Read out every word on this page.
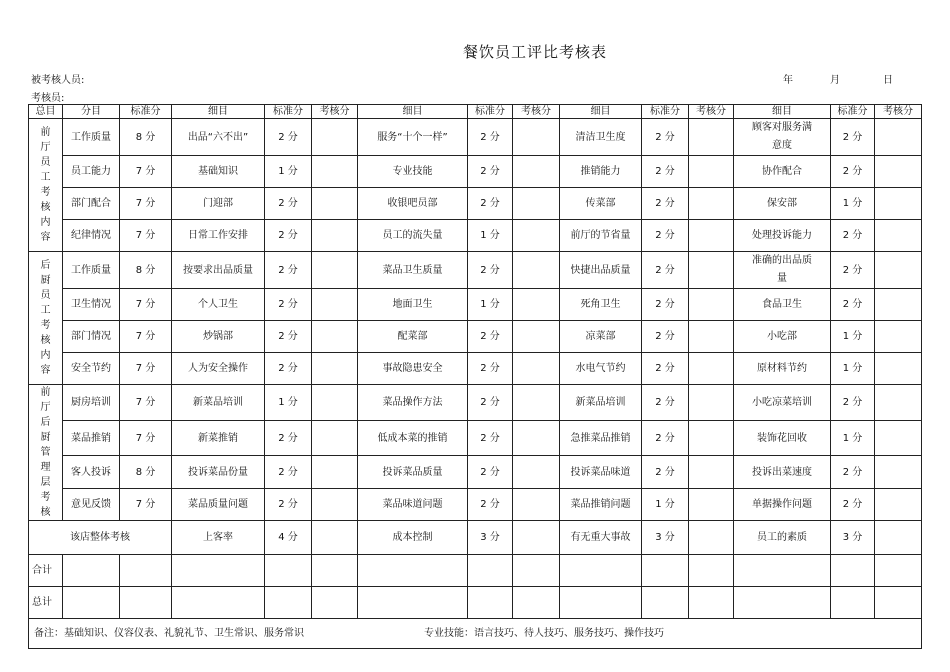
餐饮员工评比考核表
被考核人员:
考核员:
年	月	日
总目	分目	标准分	细目	标准分	考核分	细目	标准分	考核分	细目	标准分	考核分	细目	标准分	考核分

前厅员工考核内容	工作质量	8 分	出品“六不出”	2 分		服务“十个一样”	2 分		清洁卫生度	2 分		顾客对服务满意度	2 分	
	员工能力	7 分	基础知识	1 分		专业技能	2 分		推销能力	2 分		协作配合	2 分	
	部门配合	7 分	门迎部	2 分		收银吧员部	2 分		传菜部	2 分		保安部	1 分	
	纪律情况	7 分	日常工作安排	2 分		员工的流失量	1 分		前厅的节省量	2 分		处理投诉能力	2 分	

后厨员工考核内容	工作质量	8 分	按要求出品质量	2 分		菜品卫生质量	2 分		快捷出品质量	2 分		准确的出品质量	2 分	
	卫生情况	7 分	个人卫生	2 分		地面卫生	1 分		死角卫生	2 分		食品卫生	2 分	
	部门情况	7 分	炒锅部	2 分		配菜部	2 分		凉菜部	2 分		小吃部	1 分	
	安全节约	7 分	人为安全操作	2 分		事故隐患安全	2 分		水电气节约	2 分		原材料节约	1 分	

前厅后厨管理层考核	厨房培训	7 分	新菜品培训	1 分		菜品操作方法	2 分		新菜品培训	2 分		小吃凉菜培训	2 分	
	菜品推销	7 分	新菜推销	2 分		低成本菜的推销	2 分		急推菜品推销	2 分		装饰花回收	1 分	
	客人投诉	8 分	投诉菜品份量	2 分		投诉菜品质量	2 分		投诉菜品味道	2 分		投诉出菜速度	2 分	
	意见反馈	7 分	菜品质量问题	2 分		菜品味道问题	2 分		菜品推销问题	1 分		单据操作问题	2 分	
该店整体考核			上客率	4 分		成本控制	3 分		有无重大事故	3 分		员工的素质	3 分	
合计														
总计														
备注：基础知识、仪容仪表、礼貌礼节、卫生常识、服务常识 专业技能：语言技巧、待人技巧、服务技巧、操作技巧														
